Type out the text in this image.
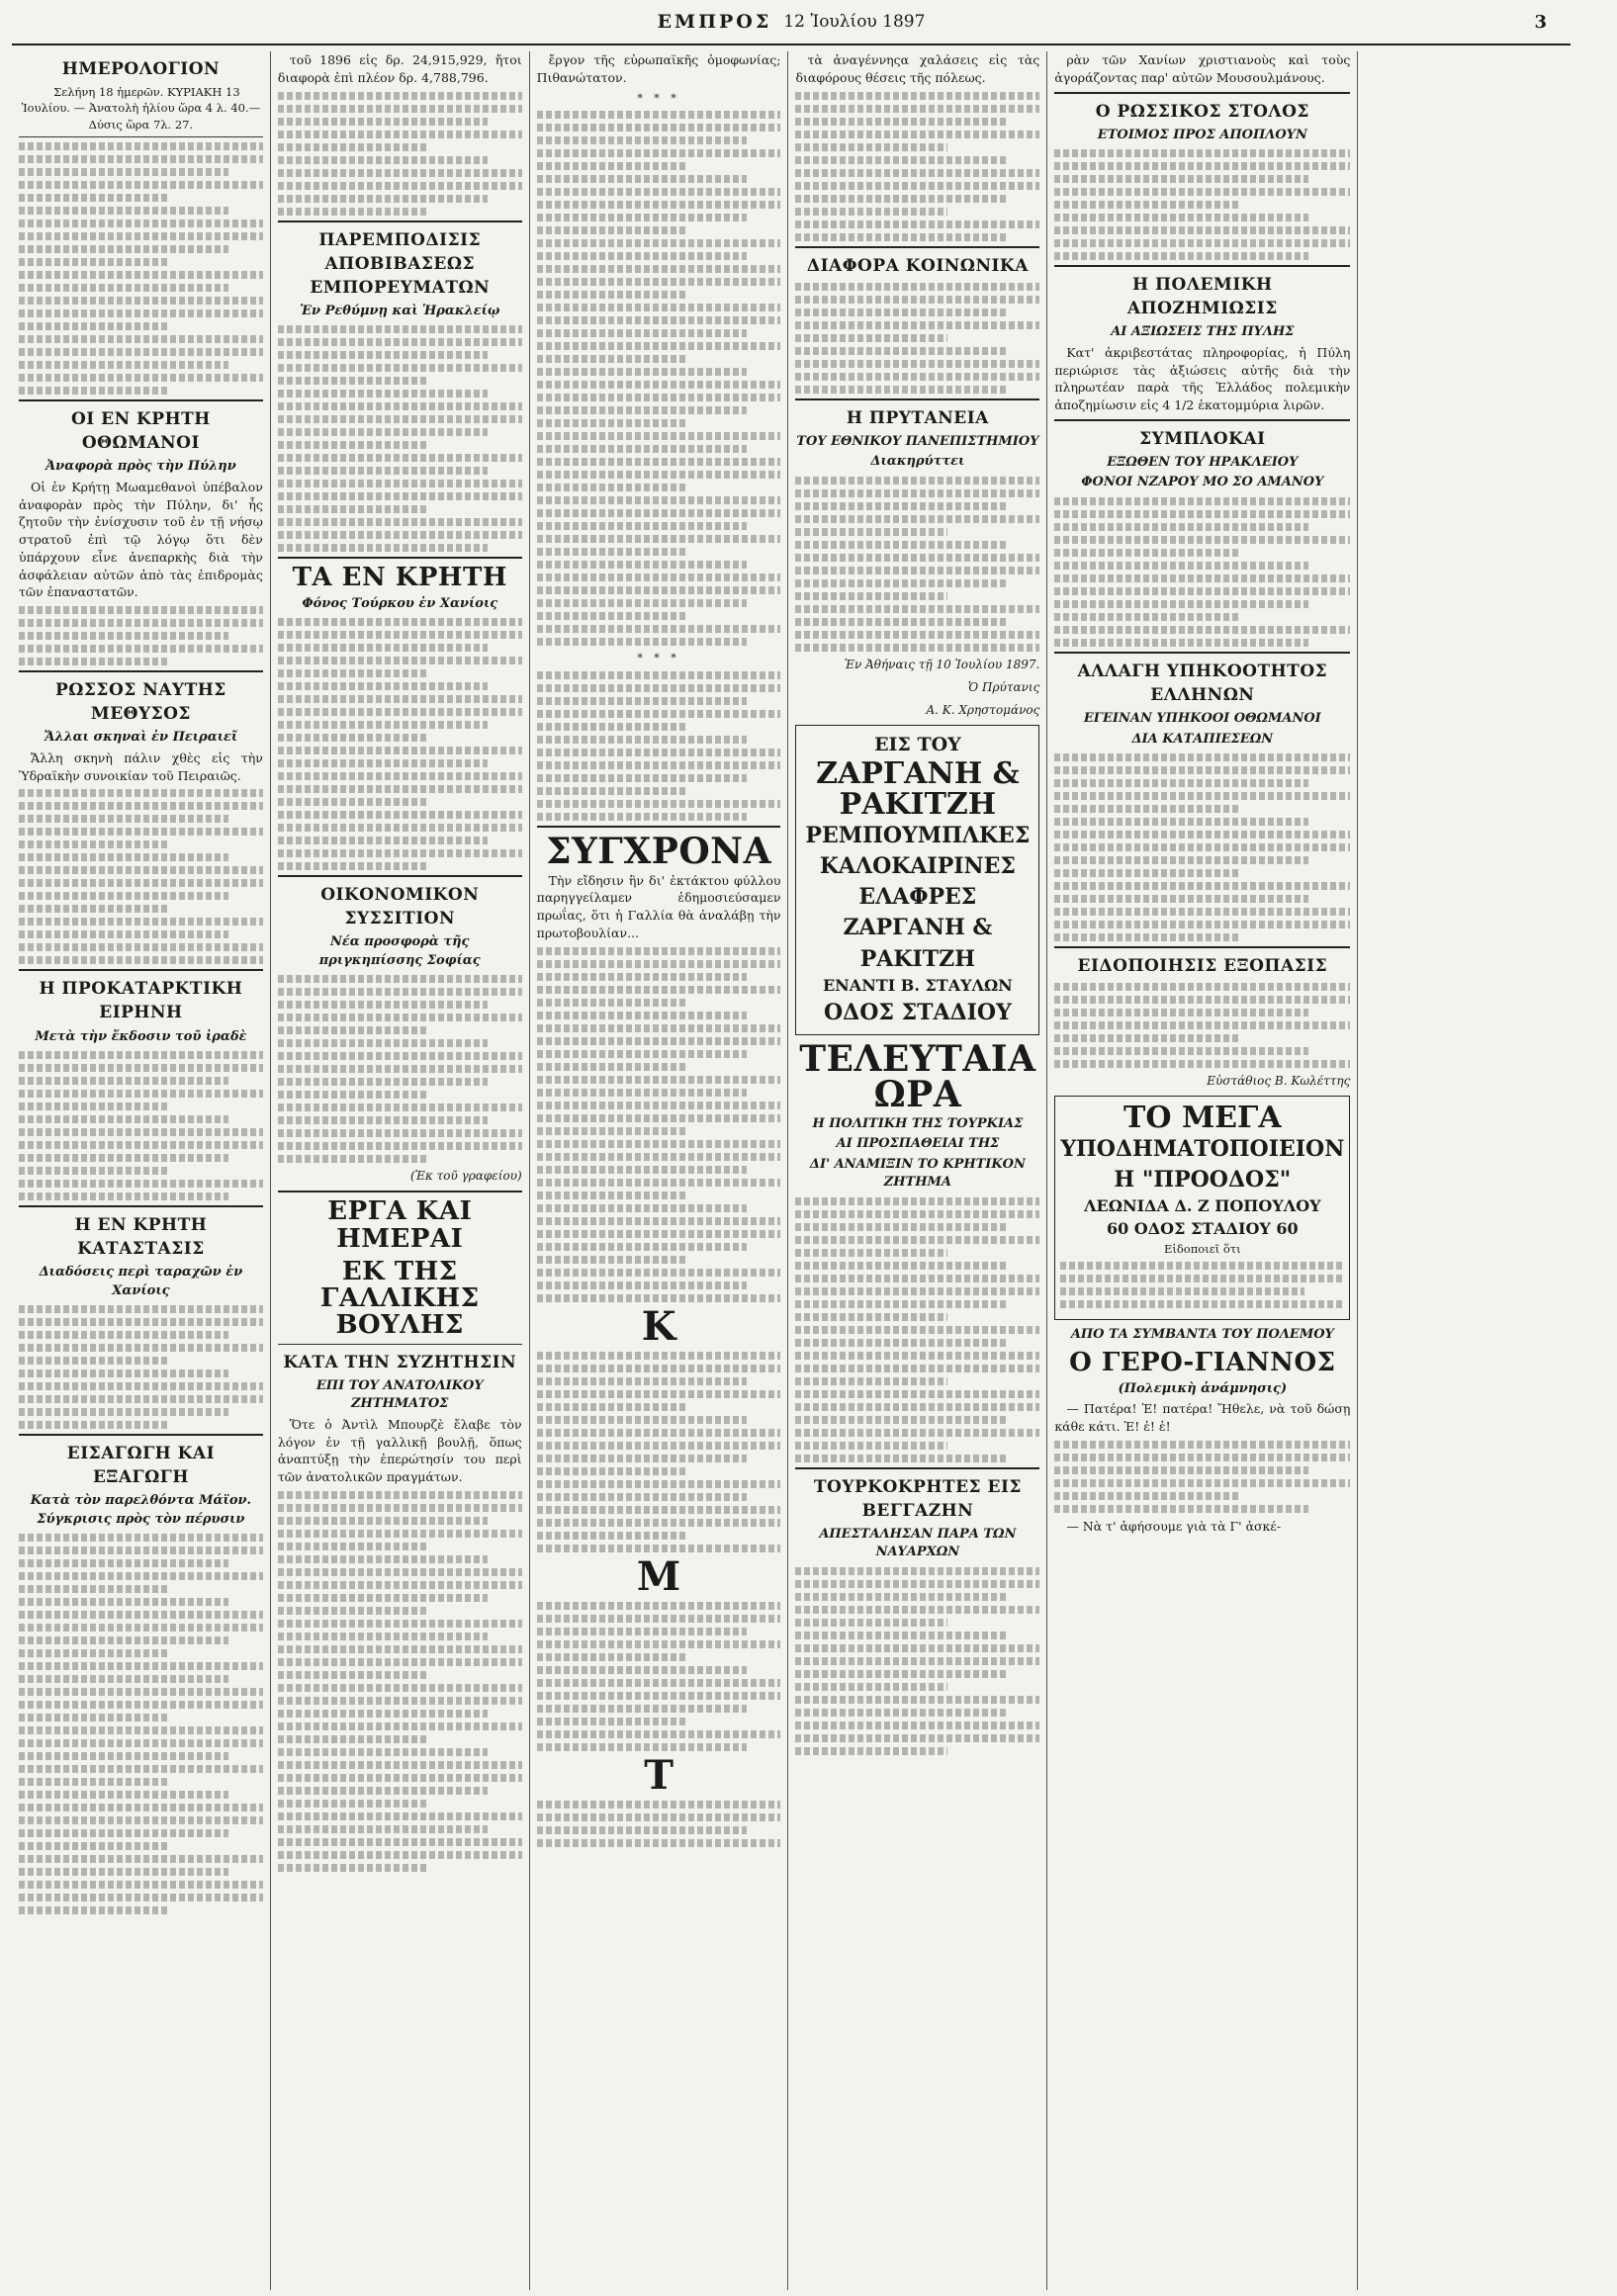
ΕΜΠΡΟΣ 12 Ἰουλίου 1897	3
ΗΜΕΡΟΛΟΓΙΟΝ

Σελήνη 18 ἡμερῶν. ΚΥΡΙΑΚΗ 13 Ἰουλίου. — Ἀνατολὴ ἡλίου ὥρα 4 λ. 40.— Δύσις ὥρα 7λ. 27.

ΟΙ ΕΝ ΚΡΗΤΗ ΟΘΩΜΑΝΟΙ
Ἀναφορὰ πρὸς τὴν Πύλην

Οἱ ἐν Κρήτῃ Μωαμεθανοὶ ὑπέβαλον ἀναφορὰν πρὸς τὴν Πύλην, δι' ἧς ζητοῦν τὴν ἐνίσχυσιν τοῦ ἐν τῇ νήσῳ στρατοῦ ἐπὶ τῷ λόγῳ ὅτι δὲν ὑπάρχουν εἶνε ἀνεπαρκὴς διὰ τὴν ἀσφάλειαν αὐτῶν ἀπὸ τὰς ἐπιδρομὰς τῶν ἐπαναστατῶν.

ΡΩΣΣΟΣ ΝΑΥΤΗΣ ΜΕΘΥΣΟΣ
Ἄλλαι σκηναὶ ἐν Πειραιεῖ

Ἄλλη σκηνὴ πάλιν χθὲς εἰς τὴν Ὑδραϊκὴν συνοικίαν τοῦ Πειραιῶς.

Η ΠΡΟΚΑΤΑΡΚΤΙΚΗ ΕΙΡΗΝΗ
Μετὰ τὴν ἔκδοσιν τοῦ ἰραδὲ
Η ΕΝ ΚΡΗΤΗ ΚΑΤΑΣΤΑΣΙΣ
Διαδόσεις περὶ ταραχῶν ἐν Χανίοις
ΕΙΣΑΓΩΓΗ ΚΑΙ ΕΞΑΓΩΓΗ
Κατὰ τὸν παρελθόντα Μάϊον. Σύγκρισις πρὸς τὸν πέρυσιν

τοῦ 1896 εἰς δρ. 24,915,929, ἤτοι διαφορὰ ἐπὶ πλέον δρ. 4,788,796.

ΠΑΡΕΜΠΟΔΙΣΙΣ ΑΠΟΒΙΒΑΣΕΩΣ ΕΜΠΟΡΕΥΜΑΤΩΝ
Ἐν Ρεθύμνῃ καὶ Ἡρακλείῳ
ΤΑ ΕΝ ΚΡΗΤΗ
Φόνος Τούρκου ἐν Χανίοις
ΟΙΚΟΝΟΜΙΚΟΝ ΣΥΣΣΙΤΙΟΝ
Νέα προσφορὰ τῆς πριγκηπίσσης Σοφίας
(Ἐκ τοῦ γραφείου)
ΕΡΓΑ ΚΑΙ ΗΜΕΡΑΙ
ΕΚ ΤΗΣ ΓΑΛΛΙΚΗΣ ΒΟΥΛΗΣ
ΚΑΤΑ ΤΗΝ ΣΥΖΗΤΗΣΙΝ
ΕΠΙ ΤΟΥ ΑΝΑΤΟΛΙΚΟΥ ΖΗΤΗΜΑΤΟΣ

Ὅτε ὁ Ἀντὶλ Μπουρζὲ ἔλαβε τὸν λόγον ἐν τῇ γαλλικῇ βουλῇ, ὅπως ἀναπτύξῃ τὴν ἐπερώτησίν του περὶ τῶν ἀνατολικῶν πραγμάτων.

ἔργον τῆς εὐρωπαϊκῆς ὁμοφωνίας; Πιθανώτατον.

* * *
* * *
ΣΥΓΧΡΟΝΑ

Τὴν εἴδησιν ἣν δι' ἐκτάκτου φύλλου παρηγγείλαμεν ἐδημοσιεύσαμεν πρωΐας, ὅτι ἡ Γαλλία θὰ ἀναλάβῃ τὴν πρωτοβουλίαν...

Κ
Μ
Τ

τὰ ἀναγέννηςα χαλάσεις εἰς τὰς διαφόρους θέσεις τῆς πόλεως.

ΔΙΑΦΟΡΑ ΚΟΙΝΩΝΙΚΑ
Η ΠΡΥΤΑΝΕΙΑ
ΤΟΥ ΕΘΝΙΚΟΥ ΠΑΝΕΠΙΣΤΗΜΙΟΥ
Διακηρύττει
Ἐν Ἀθήναις τῇ 10 Ἰουλίου 1897.
Ὁ Πρύτανις
Α. Κ. Χρηστομάνος
ΕΙΣ ΤΟΥ
ΖΑΡΓΑΝΗ & ΡΑΚΙΤΖΗ
ΡΕΜΠΟΥΜΠΛΚΕΣ
ΚΑΛΟΚΑΙΡΙΝΕΣ
ΕΛΑΦΡΕΣ
ΖΑΡΓΑΝΗ & ΡΑΚΙΤΖΗ
ΕΝΑΝΤΙ Β. ΣΤΑΥΛΩΝ
ΟΔΟΣ ΣΤΑΔΙΟΥ
ΤΕΛΕΥΤΑΙΑ ΩΡΑ
Η ΠΟΛΙΤΙΚΗ ΤΗΣ ΤΟΥΡΚΙΑΣ
ΑΙ ΠΡΟΣΠΑΘΕΙΑΙ ΤΗΣ
ΔΙ' ΑΝΑΜΙΞΙΝ ΤΟ ΚΡΗΤΙΚΟΝ ΖΗΤΗΜΑ
ΤΟΥΡΚΟΚΡΗΤΕΣ ΕΙΣ ΒΕΓΓΑΖΗΝ
ΑΠΕΣΤΑΛΗΣΑΝ ΠΑΡΑ ΤΩΝ ΝΑΥΑΡΧΩΝ

ρὰν τῶν Χανίων χριστιανοὺς καὶ τοὺς ἀγοράζοντας παρ' αὐτῶν Μουσουλμάνους.

Ο ΡΩΣΣΙΚΟΣ ΣΤΟΛΟΣ
ΕΤΟΙΜΟΣ ΠΡΟΣ ΑΠΟΠΛΟΥΝ
Η ΠΟΛΕΜΙΚΗ ΑΠΟΖΗΜΙΩΣΙΣ
ΑΙ ΑΞΙΩΣΕΙΣ ΤΗΣ ΠΥΛΗΣ

Κατ' ἀκριβεστάτας πληροφορίας, ἡ Πύλη περιώρισε τὰς ἀξιώσεις αὐτῆς διὰ τὴν πληρωτέαν παρὰ τῆς Ἑλλάδος πολεμικὴν ἀποζημίωσιν εἰς 4 1/2 ἑκατομμύρια λιρῶν.

ΣΥΜΠΛΟΚΑΙ
ΕΞΩΘΕΝ ΤΟΥ ΗΡΑΚΛΕΙΟΥ
ΦΟΝΟΙ ΝΖΑΡΟΥ ΜΟ ΣΟ ΑΜΑΝΟΥ
ΑΛΛΑΓΗ ΥΠΗΚΟΟΤΗΤΟΣ ΕΛΛΗΝΩΝ
ΕΓΕΙΝΑΝ ΥΠΗΚΟΟΙ ΟΘΩΜΑΝΟΙ
ΔΙΑ ΚΑΤΑΠΙΕΣΕΩΝ
ΕΙΔΟΠΟΙΗΣΙΣ ΕΞΟΠΑΣΙΣ
Εὐστάθιος Β. Κωλέττης
ΤΟ ΜΕΓΑ
ΥΠΟΔΗΜΑΤΟΠΟΙΕΙΟΝ
Η "ΠΡΟΟΔΟΣ"
ΛΕΩΝΙΔΑ Δ. Ζ ΠΟΠΟΥΛΟΥ
60 ΟΔΟΣ ΣΤΑΔΙΟΥ 60
Εἰδοποιεῖ ὅτι
ΑΠΟ ΤΑ ΣΥΜΒΑΝΤΑ ΤΟΥ ΠΟΛΕΜΟΥ
Ο ΓΕΡΟ-ΓΙΑΝΝΟΣ
(Πολεμικὴ ἀνάμνησις)

— Πατέρα! Ἐ! πατέρα! Ἤθελε, νὰ τοῦ δώσῃ κάθε κάτι. Ἐ! ἐ! ἐ!

— Νὰ τ' ἀφήσουμε γιὰ τὰ Γ' ἀσκέ-
